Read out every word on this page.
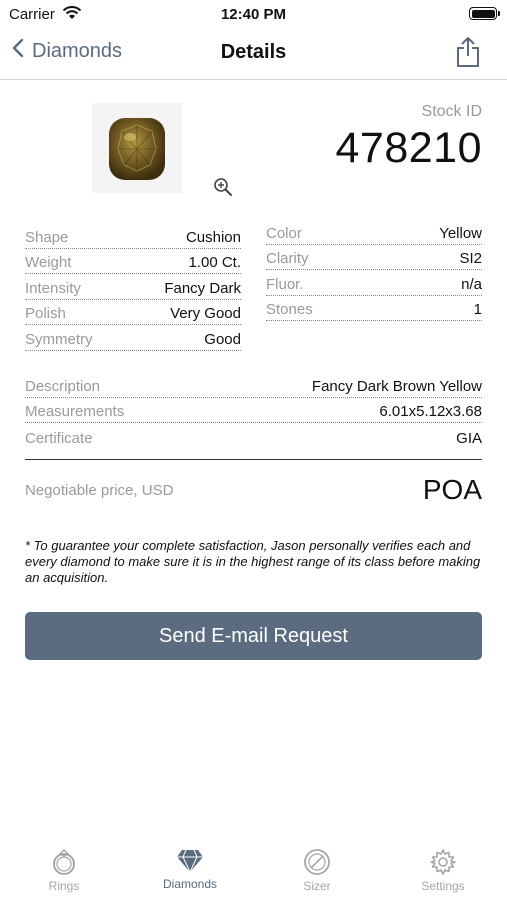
Carrier	12:40 PM
Diamonds	Details
Stock ID
478210
Shape	Cushion
Weight	1.00 Ct.
Intensity	Fancy Dark
Polish	Very Good
Symmetry	Good
Color	Yellow
Clarity	SI2
Fluor.	n/a
Stones	1
Description	Fancy Dark Brown Yellow
Measurements	6.01x5.12x3.68
Certificate	GIA
Negotiable price, USD	POA
* To guarantee your complete satisfaction, Jason personally verifies each and every diamond to make sure it is in the highest range of its class before making an acquisition.
Send E-mail Request
Rings	Diamonds	Sizer	Settings
